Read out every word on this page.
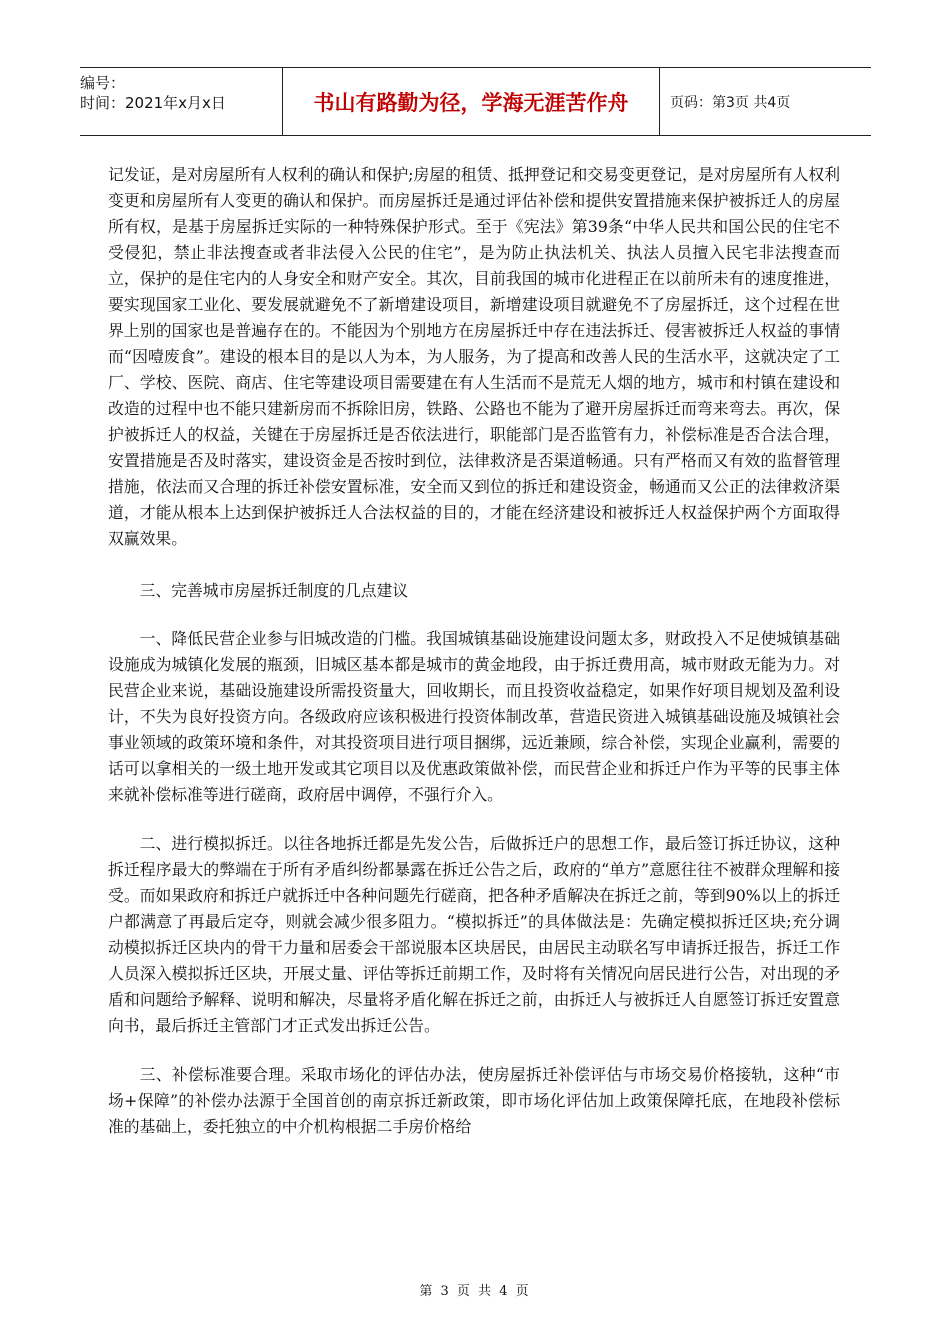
编号：
时间：2021年x月x日	书山有路勤为径，学海无涯苦作舟	页码：第3页 共4页

记发证，是对房屋所有人权利的确认和保护;房屋的租赁、抵押登记和交易变更登记，是对房屋所有人权利变更和房屋所有人变更的确认和保护。而房屋拆迁是通过评估补偿和提供安置措施来保护被拆迁人的房屋所有权，是基于房屋拆迁实际的一种特殊保护形式。至于《宪法》第39条“中华人民共和国公民的住宅不受侵犯，禁止非法搜查或者非法侵入公民的住宅”，是为防止执法机关、执法人员擅入民宅非法搜查而立，保护的是住宅内的人身安全和财产安全。其次，目前我国的城市化进程正在以前所未有的速度推进，要实现国家工业化、要发展就避免不了新增建设项目，新增建设项目就避免不了房屋拆迁，这个过程在世界上别的国家也是普遍存在的。不能因为个别地方在房屋拆迁中存在违法拆迁、侵害被拆迁人权益的事情而“因噎废食”。建设的根本目的是以人为本，为人服务，为了提高和改善人民的生活水平，这就决定了工厂、学校、医院、商店、住宅等建设项目需要建在有人生活而不是荒无人烟的地方，城市和村镇在建设和改造的过程中也不能只建新房而不拆除旧房，铁路、公路也不能为了避开房屋拆迁而弯来弯去。再次，保护被拆迁人的权益，关键在于房屋拆迁是否依法进行，职能部门是否监管有力，补偿标准是否合法合理，安置措施是否及时落实，建设资金是否按时到位，法律救济是否渠道畅通。只有严格而又有效的监督管理措施，依法而又合理的拆迁补偿安置标准，安全而又到位的拆迁和建设资金，畅通而又公正的法律救济渠道，才能从根本上达到保护被拆迁人合法权益的目的，才能在经济建设和被拆迁人权益保护两个方面取得双赢效果。

三、完善城市房屋拆迁制度的几点建议

一、降低民营企业参与旧城改造的门槛。我国城镇基础设施建设问题太多，财政投入不足使城镇基础设施成为城镇化发展的瓶颈，旧城区基本都是城市的黄金地段，由于拆迁费用高，城市财政无能为力。对民营企业来说，基础设施建设所需投资量大，回收期长，而且投资收益稳定，如果作好项目规划及盈利设计，不失为良好投资方向。各级政府应该积极进行投资体制改革，营造民资进入城镇基础设施及城镇社会事业领域的政策环境和条件，对其投资项目进行项目捆绑，远近兼顾，综合补偿，实现企业赢利，需要的话可以拿相关的一级土地开发或其它项目以及优惠政策做补偿，而民营企业和拆迁户作为平等的民事主体来就补偿标准等进行磋商，政府居中调停，不强行介入。

二、进行模拟拆迁。以往各地拆迁都是先发公告，后做拆迁户的思想工作，最后签订拆迁协议，这种拆迁程序最大的弊端在于所有矛盾纠纷都暴露在拆迁公告之后，政府的“单方”意愿往往不被群众理解和接受。而如果政府和拆迁户就拆迁中各种问题先行磋商，把各种矛盾解决在拆迁之前，等到90%以上的拆迁户都满意了再最后定夺，则就会减少很多阻力。“模拟拆迁”的具体做法是：先确定模拟拆迁区块;充分调动模拟拆迁区块内的骨干力量和居委会干部说服本区块居民，由居民主动联名写申请拆迁报告，拆迁工作人员深入模拟拆迁区块，开展丈量、评估等拆迁前期工作，及时将有关情况向居民进行公告，对出现的矛盾和问题给予解释、说明和解决，尽量将矛盾化解在拆迁之前，由拆迁人与被拆迁人自愿签订拆迁安置意向书，最后拆迁主管部门才正式发出拆迁公告。

三、补偿标准要合理。采取市场化的评估办法，使房屋拆迁补偿评估与市场交易价格接轨，这种“市场+保障”的补偿办法源于全国首创的南京拆迁新政策，即市场化评估加上政策保障托底，在地段补偿标准的基础上，委托独立的中介机构根据二手房价格给

第 3 页 共 4 页
